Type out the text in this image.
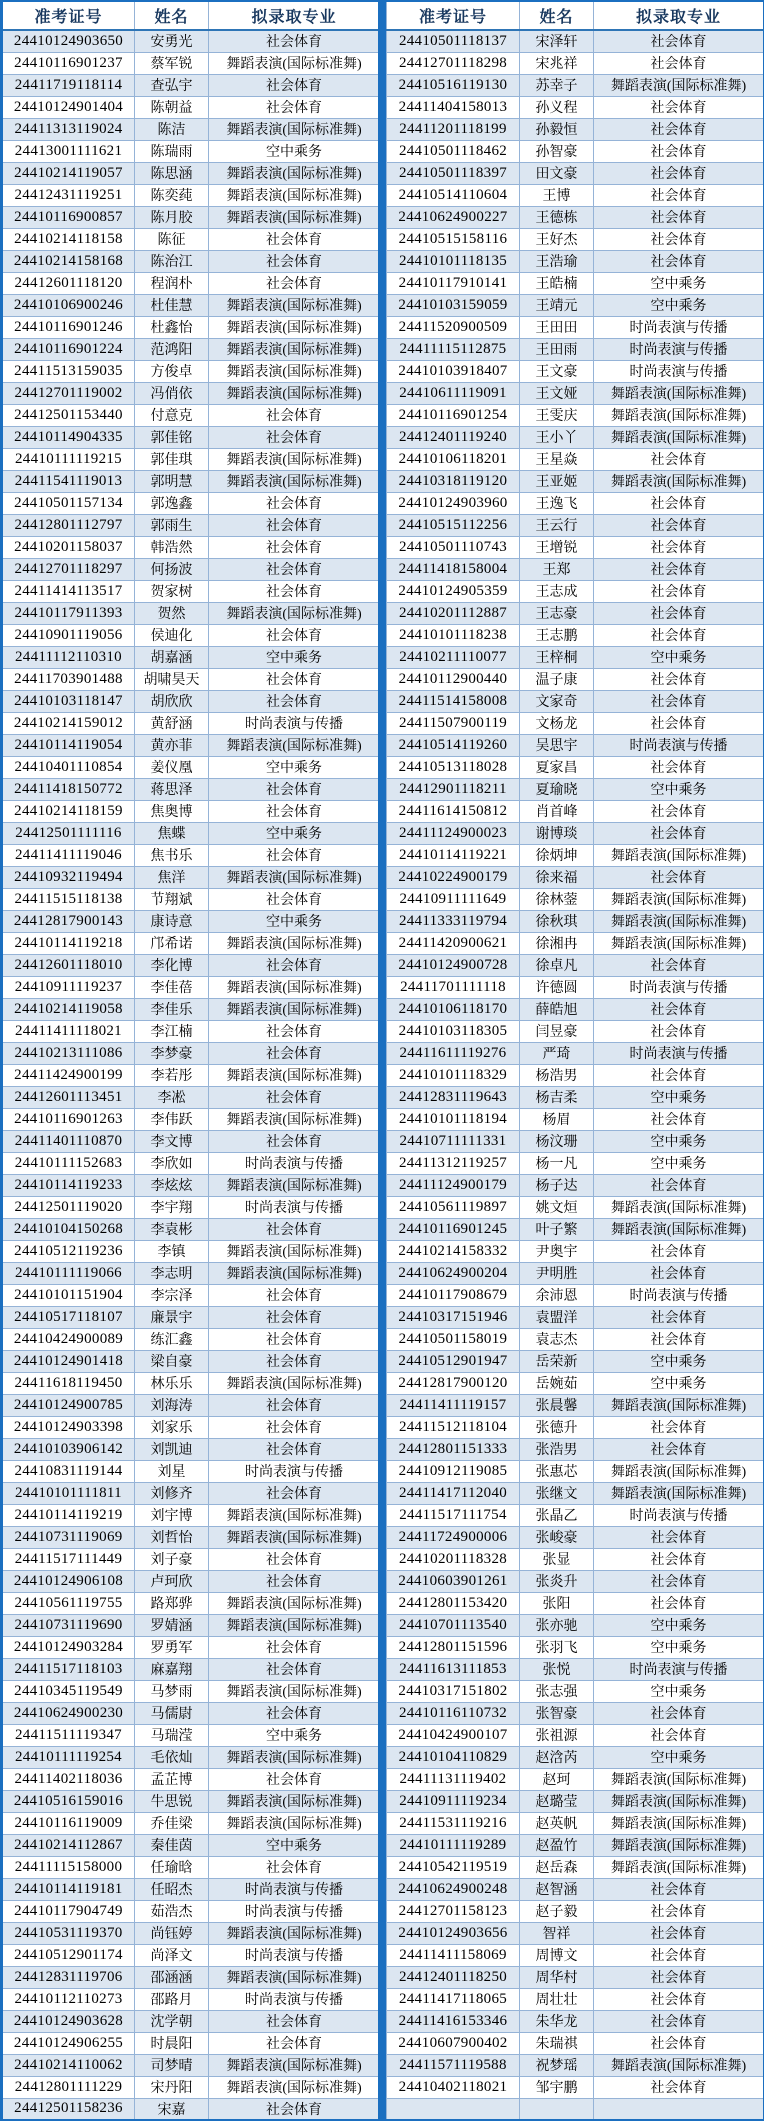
准考证号	姓名	拟录取专业
24410124903650	安勇光	社会体育
24410116901237	蔡军锐	舞蹈表演(国际标准舞)
24411719118114	查弘宇	社会体育
24410124901404	陈朝益	社会体育
24411313119024	陈洁	舞蹈表演(国际标准舞)
24413001111621	陈瑞雨	空中乘务
24410214119057	陈思涵	舞蹈表演(国际标准舞)
24412431119251	陈奕莼	舞蹈表演(国际标准舞)
24410116900857	陈月胶	舞蹈表演(国际标准舞)
24410214118158	陈征	社会体育
24410214158168	陈治江	社会体育
24412601118120	程润朴	社会体育
24410106900246	杜佳慧	舞蹈表演(国际标准舞)
24410116901246	杜鑫怡	舞蹈表演(国际标准舞)
24410116901224	范鸿阳	舞蹈表演(国际标准舞)
24411513159035	方俊卓	舞蹈表演(国际标准舞)
24412701119002	冯俏依	舞蹈表演(国际标准舞)
24412501153440	付意克	社会体育
24410114904335	郭佳铭	社会体育
24410111119215	郭佳琪	舞蹈表演(国际标准舞)
24411541119013	郭明慧	舞蹈表演(国际标准舞)
24410501157134	郭逸鑫	社会体育
24412801112797	郭雨生	社会体育
24410201158037	韩浩然	社会体育
24412701118297	何扬波	社会体育
24411414113517	贺家树	社会体育
24410117911393	贺然	舞蹈表演(国际标准舞)
24410901119056	侯迪化	社会体育
24411112110310	胡嘉涵	空中乘务
24411703901488	胡啸昊天	社会体育
24410103118147	胡欣欣	社会体育
24410214159012	黄舒涵	时尚表演与传播
24410114119054	黄亦菲	舞蹈表演(国际标准舞)
24410401110854	姜仪凰	空中乘务
24411418150772	蒋思泽	社会体育
24410214118159	焦奥博	社会体育
24412501111116	焦蝶	空中乘务
24411411119046	焦书乐	社会体育
24410932119494	焦洋	舞蹈表演(国际标准舞)
24411515118138	节翔斌	社会体育
24412817900143	康诗意	空中乘务
24410114119218	邝希诺	舞蹈表演(国际标准舞)
24412601118010	李化博	社会体育
24410911119237	李佳蓓	舞蹈表演(国际标准舞)
24410214119058	李佳乐	舞蹈表演(国际标准舞)
24411411118021	李江楠	社会体育
24410213111086	李梦豪	社会体育
24411424900199	李若彤	舞蹈表演(国际标准舞)
24412601113451	李凇	社会体育
24410116901263	李伟跃	舞蹈表演(国际标准舞)
24411401110870	李文博	社会体育
24410111152683	李欣如	时尚表演与传播
24410114119233	李炫炫	舞蹈表演(国际标准舞)
24412501119020	李宇翔	时尚表演与传播
24410104150268	李袁彬	社会体育
24410512119236	李镇	舞蹈表演(国际标准舞)
24410111119066	李志明	舞蹈表演(国际标准舞)
24410101151904	李宗泽	社会体育
24410517118107	廉景宇	社会体育
24410424900089	练汇鑫	社会体育
24410124901418	梁自豪	社会体育
24411618119450	林乐乐	舞蹈表演(国际标准舞)
24410124900785	刘海涛	社会体育
24410124903398	刘家乐	社会体育
24410103906142	刘凯迪	社会体育
24410831119144	刘星	时尚表演与传播
24410101111811	刘修齐	社会体育
24410114119219	刘宇博	舞蹈表演(国际标准舞)
24410731119069	刘哲怡	舞蹈表演(国际标准舞)
24411517111449	刘子豪	社会体育
24410124906108	卢珂欣	社会体育
24410561119755	路郑骅	舞蹈表演(国际标准舞)
24410731119690	罗婧涵	舞蹈表演(国际标准舞)
24410124903284	罗勇军	社会体育
24411517118103	麻嘉翔	社会体育
24410345119549	马梦雨	舞蹈表演(国际标准舞)
24410624900230	马儒尉	社会体育
24411511119347	马瑞滢	空中乘务
24410111119254	毛依灿	舞蹈表演(国际标准舞)
24411402118036	孟芷博	社会体育
24410516159016	牛思锐	舞蹈表演(国际标准舞)
24410116119009	乔佳梁	舞蹈表演(国际标准舞)
24410214112867	秦佳茵	空中乘务
24411115158000	任瑜晗	社会体育
24410114119181	任昭杰	时尚表演与传播
24410117904749	茹浩杰	时尚表演与传播
24410531119370	尚钰婷	舞蹈表演(国际标准舞)
24410512901174	尚泽文	时尚表演与传播
24412831119706	邵涵涵	舞蹈表演(国际标准舞)
24410112110273	邵路月	时尚表演与传播
24410124903628	沈学朝	社会体育
24410124906255	时晨阳	社会体育
24410214110062	司梦晴	舞蹈表演(国际标准舞)
24412801111229	宋丹阳	舞蹈表演(国际标准舞)
24412501158236	宋嘉	社会体育
准考证号	姓名	拟录取专业
24410501118137	宋泽轩	社会体育
24412701118298	宋兆祥	社会体育
24410516119130	苏幸子	舞蹈表演(国际标准舞)
24411404158013	孙义程	社会体育
24411201118199	孙毅恒	社会体育
24410501118462	孙智豪	社会体育
24410501118397	田文豪	社会体育
24410514110604	王博	社会体育
24410624900227	王德栋	社会体育
24410515158116	王好杰	社会体育
24410101118135	王浩瑜	社会体育
24410117910141	王皓楠	空中乘务
24410103159059	王靖元	空中乘务
24411520900509	王田田	时尚表演与传播
24411115112875	王田雨	时尚表演与传播
24410103918407	王文豪	时尚表演与传播
24410611119091	王文娅	舞蹈表演(国际标准舞)
24410116901254	王雯庆	舞蹈表演(国际标准舞)
24412401119240	王小丫	舞蹈表演(国际标准舞)
24410106118201	王星焱	社会体育
24410318119120	王亚姬	舞蹈表演(国际标准舞)
24410124903960	王逸飞	社会体育
24410515112256	王云行	社会体育
24410501110743	王增锐	社会体育
24411418158004	王郑	社会体育
24410124905359	王志成	社会体育
24410201112887	王志豪	社会体育
24410101118238	王志鹏	社会体育
24410211110077	王梓桐	空中乘务
24410112900440	温子康	社会体育
24411514158008	文家奇	社会体育
24411507900119	文杨龙	社会体育
24410514119260	吴思宇	时尚表演与传播
24410513118028	夏家昌	社会体育
24412901118211	夏瑜晓	空中乘务
24411614150812	肖首峰	社会体育
24411124900023	谢博琰	社会体育
24410114119221	徐炳坤	舞蹈表演(国际标准舞)
24410224900179	徐来福	社会体育
24410911111649	徐林蓥	舞蹈表演(国际标准舞)
24411333119794	徐秋琪	舞蹈表演(国际标准舞)
24411420900621	徐湘冉	舞蹈表演(国际标准舞)
24410124900728	徐卓凡	社会体育
24411701111118	许德圆	时尚表演与传播
24410106118170	薛皓旭	社会体育
24410103118305	闫昱豪	社会体育
24411611119276	严琦	时尚表演与传播
24410101118329	杨浩男	社会体育
24412831119643	杨吉柔	空中乘务
24410101118194	杨眉	社会体育
24410711111331	杨汶珊	空中乘务
24411312119257	杨一凡	空中乘务
24411124900179	杨子达	社会体育
24410561119897	姚文烜	舞蹈表演(国际标准舞)
24410116901245	叶子繁	舞蹈表演(国际标准舞)
24410214158332	尹奥宇	社会体育
24410624900204	尹明胜	社会体育
24410117908679	余沛恩	时尚表演与传播
24410317151946	袁盟洋	社会体育
24410501158019	袁志杰	社会体育
24410512901947	岳荣新	空中乘务
24412817900120	岳婉茹	空中乘务
24411411119157	张晨馨	舞蹈表演(国际标准舞)
24411512118104	张德升	社会体育
24412801151333	张浩男	社会体育
24410912119085	张惠芯	舞蹈表演(国际标准舞)
24411417112040	张继文	舞蹈表演(国际标准舞)
24411517111754	张晶乙	时尚表演与传播
24411724900006	张峻豪	社会体育
24410201118328	张显	社会体育
24410603901261	张炎升	社会体育
24412801153420	张阳	社会体育
24410701113540	张亦驰	空中乘务
24412801151596	张羽飞	空中乘务
24411613111853	张悦	时尚表演与传播
24410317151802	张志强	空中乘务
24410116110732	张智豪	社会体育
24410424900107	张祖源	社会体育
24410104110829	赵浛芮	空中乘务
24411131119402	赵珂	舞蹈表演(国际标准舞)
24410911119234	赵璐莹	舞蹈表演(国际标准舞)
24411531119216	赵英帆	舞蹈表演(国际标准舞)
24410111119289	赵盈竹	舞蹈表演(国际标准舞)
24410542119519	赵岳森	舞蹈表演(国际标准舞)
24410624900248	赵智涵	社会体育
24412701158123	赵子毅	社会体育
24410124903656	智祥	社会体育
24411411158069	周博文	社会体育
24412401118250	周华村	社会体育
24411417118065	周壮壮	社会体育
24411416153346	朱华龙	社会体育
24410607900402	朱瑞祺	社会体育
24411571119588	祝梦瑶	舞蹈表演(国际标准舞)
24410402118021	邹宇鹏	社会体育
